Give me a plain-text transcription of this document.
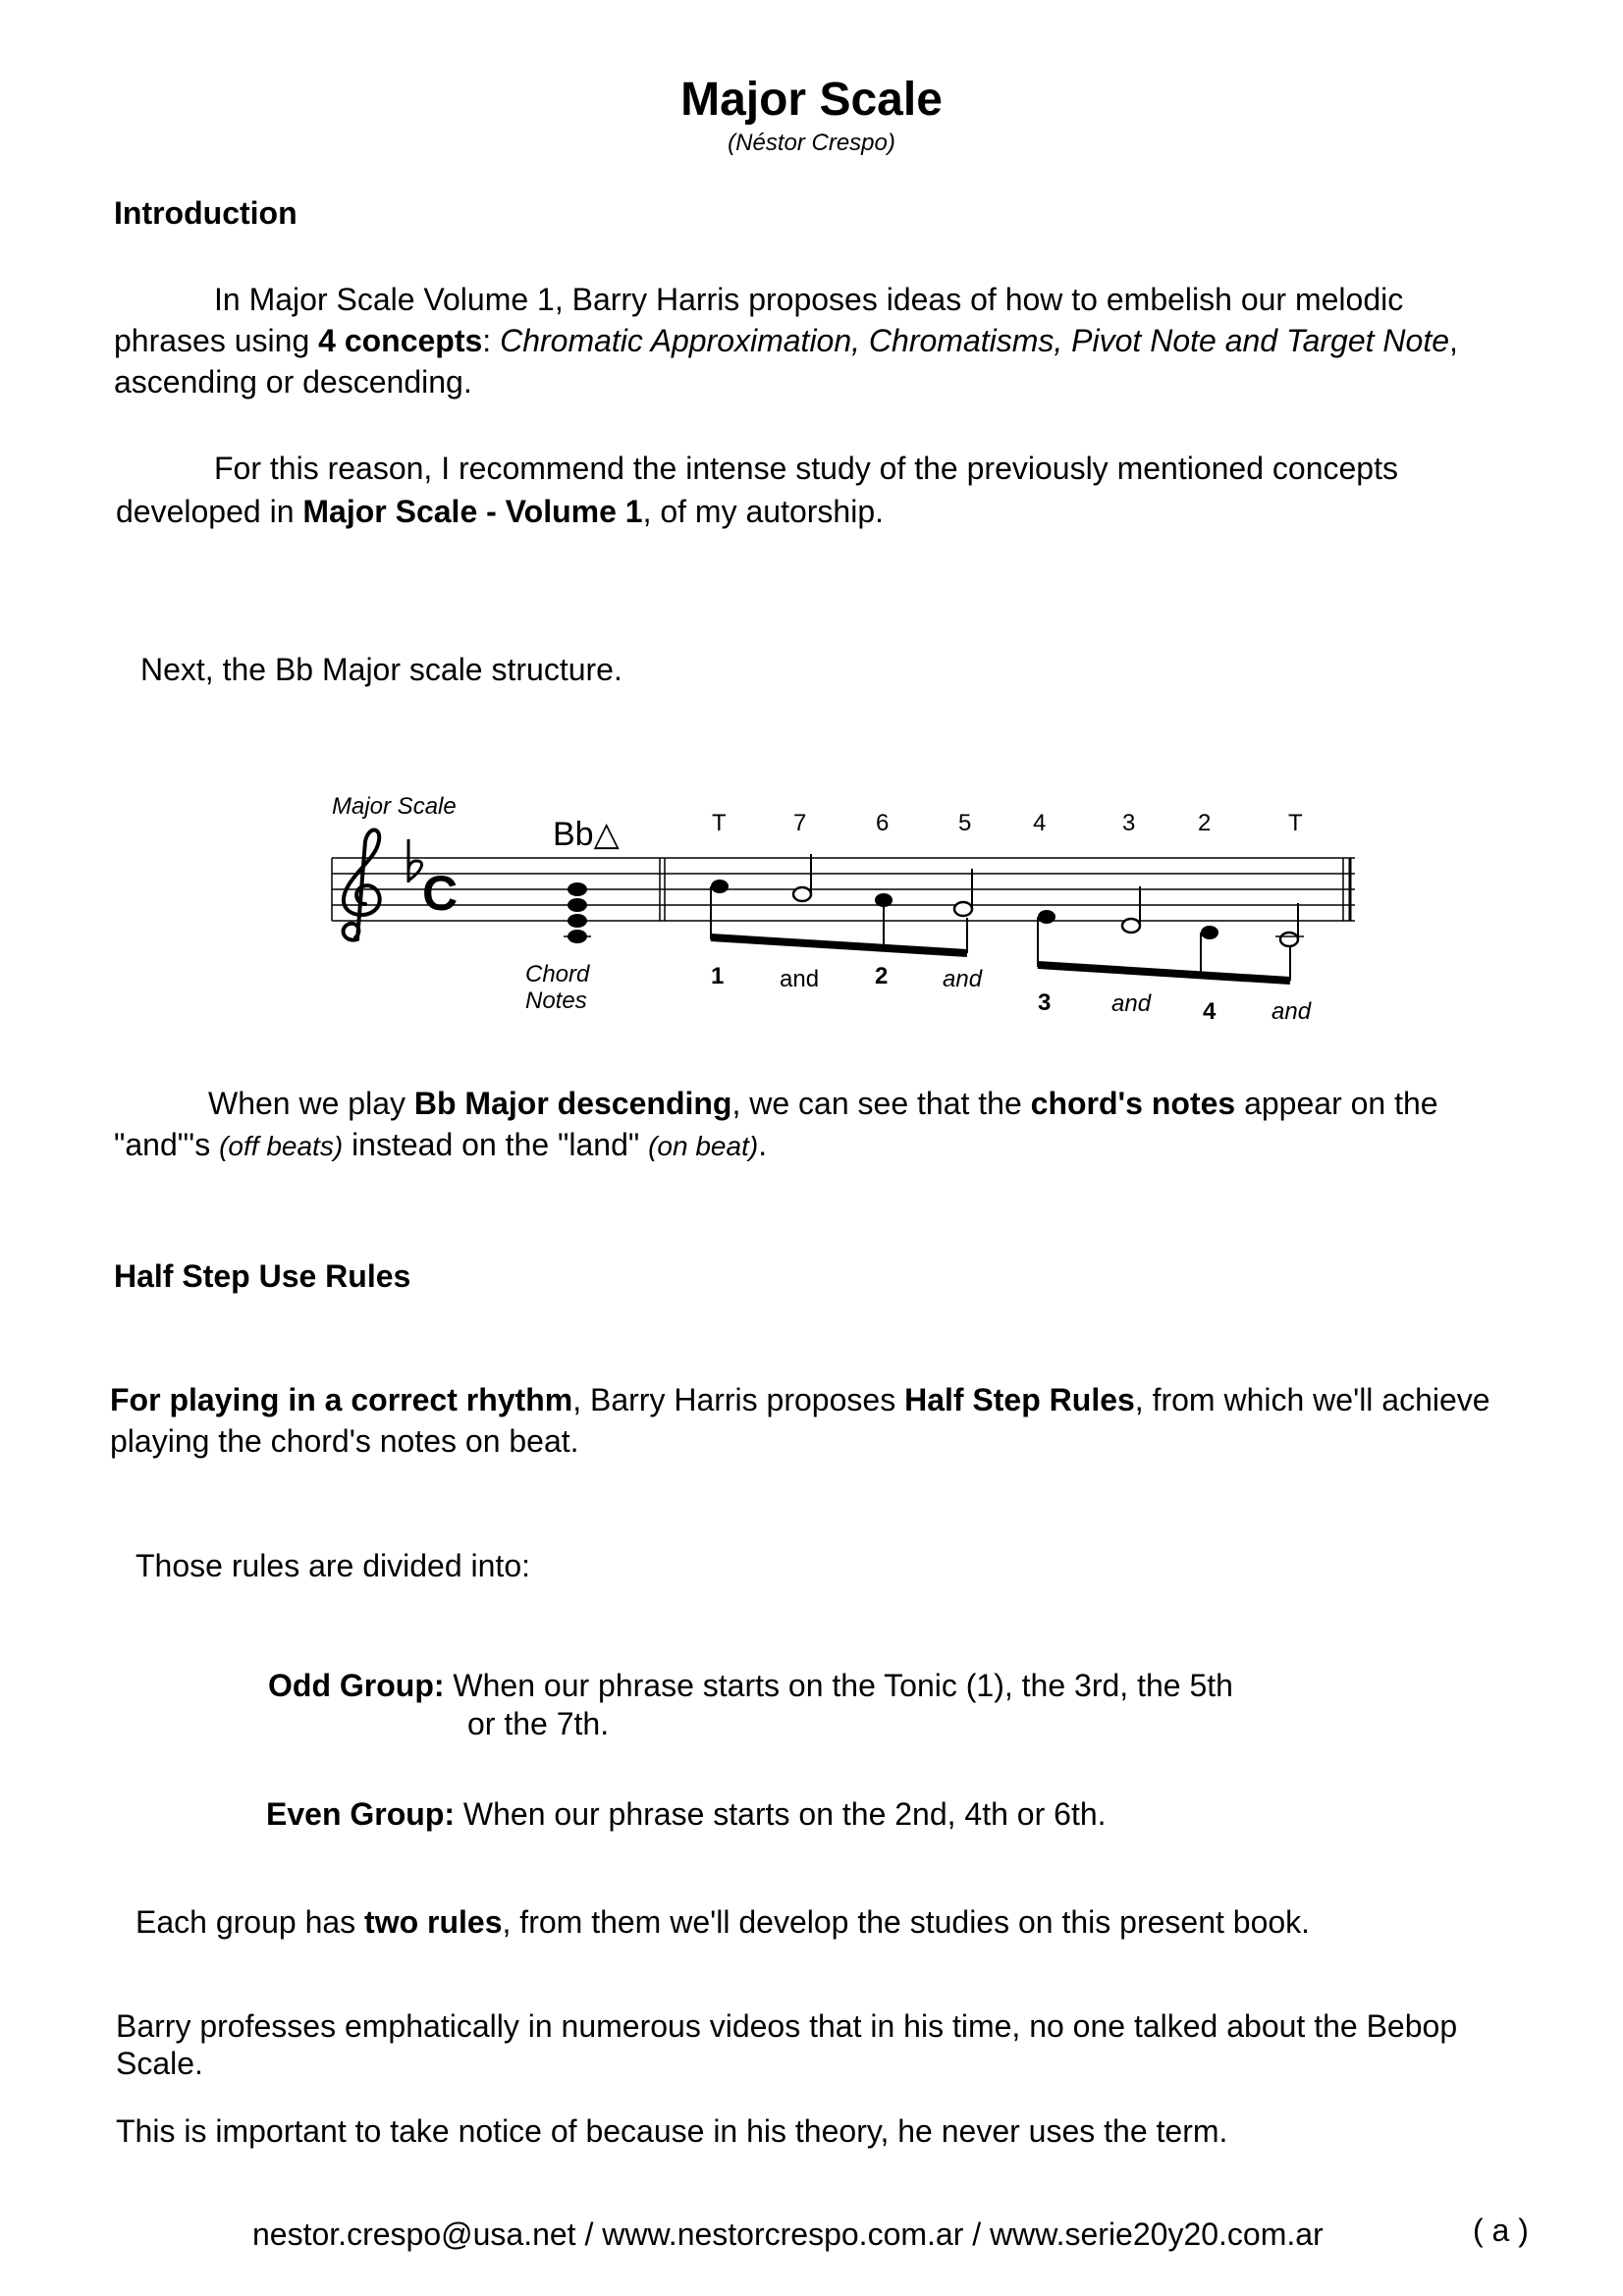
Major Scale
(Néstor Crespo)
Introduction
In Major Scale Volume 1, Barry Harris proposes ideas of how to embelish our melodic phrases using 4 concepts: Chromatic Approximation, Chromatisms, Pivot Note and Target Note, ascending or descending.
For this reason, I recommend the intense study of the previously mentioned concepts developed in Major Scale - Volume 1, of my autorship.
Next, the Bb Major scale structure.
Major Scale
Bb△
C
Chord
Notes
T	7	6	5	4	3	2	T
1 and 2 and
3	and 4 and
When we play Bb Major descending, we can see that the chord's notes appear on the "and"'s (off beats) instead on the "land" (on beat).
Half Step Use Rules
For playing in a correct rhythm, Barry Harris proposes Half Step Rules, from which we'll achieve playing the chord's notes on beat.
Those rules are divided into:
Odd Group: When our phrase starts on the Tonic (1), the 3rd, the 5th
or the 7th.
Even Group: When our phrase starts on the 2nd, 4th or 6th.
Each group has two rules, from them we'll develop the studies on this present book.
Barry professes emphatically in numerous videos that in his time, no one talked about the Bebop Scale.
This is important to take notice of because in his theory, he never uses the term.
nestor.crespo@usa.net / www.nestorcrespo.com.ar / www.serie20y20.com.ar	( a )
